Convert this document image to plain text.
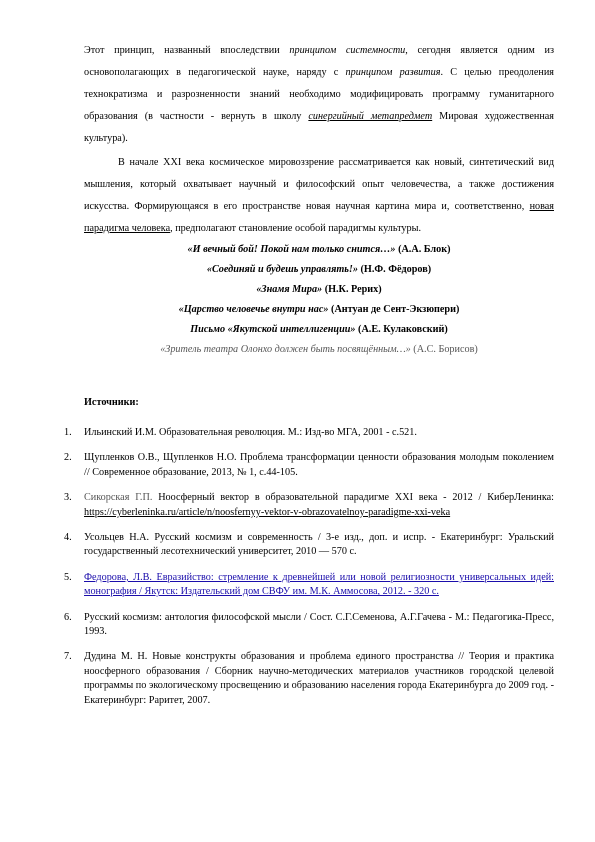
Этот принцип, названный впоследствии принципом системности, сегодня является одним из основополагающих в педагогической науке, наряду с принципом развития. С целью преодоления технократизма и разрозненности знаний необходимо модифицировать программу гуманитарного образования (в частности - вернуть в школу синергийный метапредмет Мировая художественная культура).

В начале XXI века космическое мировоззрение рассматривается как новый, синтетический вид мышления, который охватывает научный и философский опыт человечества, а также достижения искусства. Формирующаяся в его пространстве новая научная картина мира и, соответственно, новая парадигма человека, предполагают становление особой парадигмы культуры.

«И вечный бой! Покой нам только снится…» (А.А. Блок)

«Соединяй и будешь управлять!» (Н.Ф. Фёдоров)

«Знамя Мира» (Н.К. Рерих)

«Царство человечье внутри нас» (Антуан де Сент-Экзюпери)

Письмо «Якутской интеллигенции» (А.Е. Кулаковский)

«Зритель театра Олонхо должен быть посвящённым…» (А.С. Борисов)

Источники:
1. Ильинский И.М. Образовательная революция. М.: Изд-во МГА, 2001 - с.521.
2. Щупленков О.В., Щупленков Н.О. Проблема трансформации ценности образования молодым поколением // Современное образование, 2013, № 1, с.44-105.
3. Сикорская Г.П. Ноосферный вектор в образовательной парадигме XXI века - 2012 / КиберЛенинка: https://cyberleninka.ru/article/n/noosfernyy-vektor-v-obrazovatelnoy-paradigme-xxi-veka
4. Усольцев Н.А. Русский космизм и современность / 3-е изд., доп. и испр. - Екатеринбург: Уральский государственный лесотехнический университет, 2010 — 570 с.
5. Федорова, Л.В. Евразийство: стремление к древнейшей или новой религиозности универсальных идей: монография / Якутск: Издательский дом СВФУ им. М.К. Аммосова, 2012. - 320 с.
6. Русский космизм: антология философской мысли / Сост. С.Г.Семенова, А.Г.Гачева - М.: Педагогика-Пресс, 1993.
7. Дудина М. Н. Новые конструкты образования и проблема единого пространства // Теория и практика ноосферного образования / Сборник научно-методических материалов участников городской целевой программы по экологическому просвещению и образованию населения города Екатеринбурга до 2009 год. - Екатеринбург: Раритет, 2007.
